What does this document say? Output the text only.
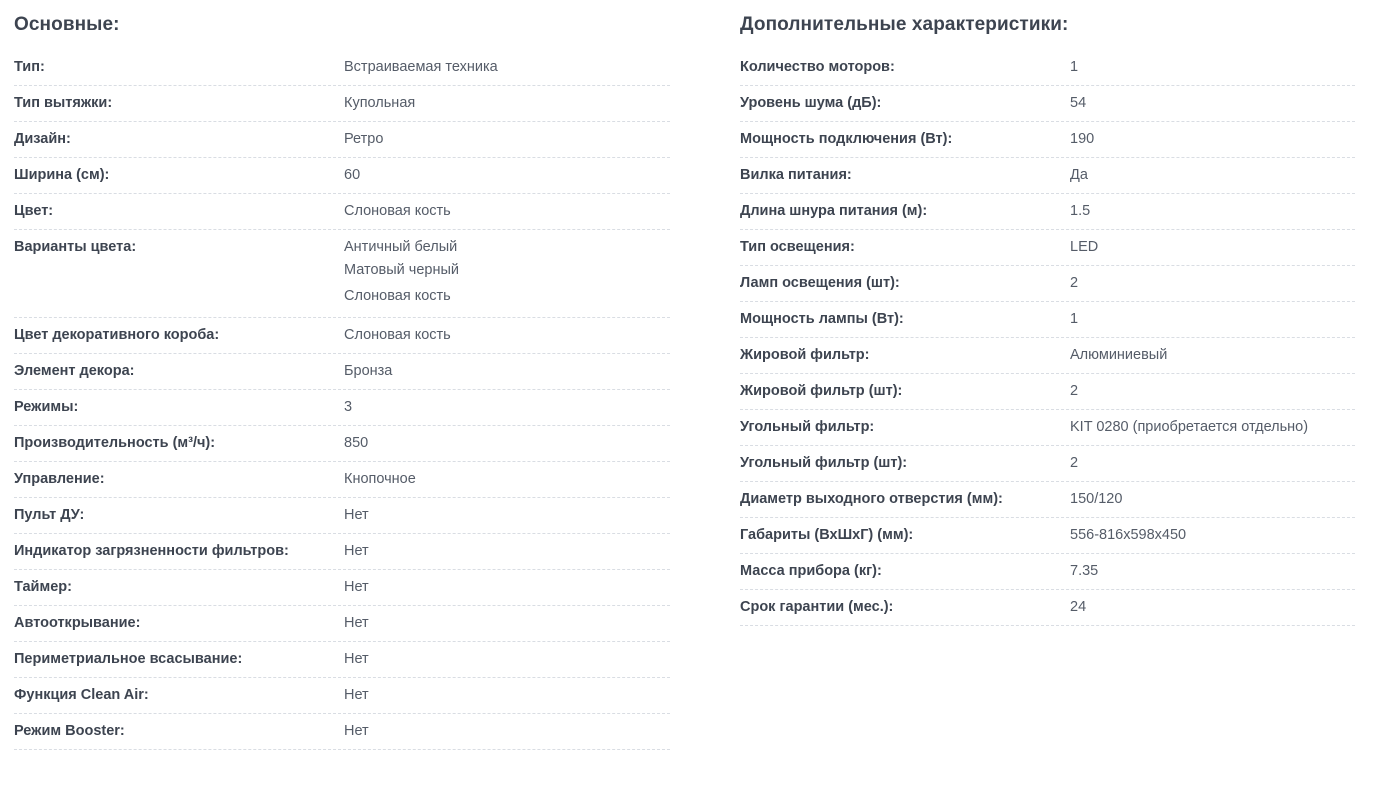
Основные:
Тип:	Встраиваемая техника
Тип вытяжки:	Купольная
Дизайн:	Ретро
Ширина (см):	60
Цвет:	Слоновая кость
Варианты цвета:	Античный белый
Матовый черный
Слоновая кость
Цвет декоративного короба:	Слоновая кость
Элемент декора:	Бронза
Режимы:	3
Производительность (м³/ч):	850
Управление:	Кнопочное
Пульт ДУ:	Нет
Индикатор загрязненности фильтров:	Нет
Таймер:	Нет
Автооткрывание:	Нет
Периметриальное всасывание:	Нет
Функция Clean Air:	Нет
Режим Booster:	Нет
Дополнительные характеристики:
Количество моторов:	1
Уровень шума (дБ):	54
Мощность подключения (Вт):	190
Вилка питания:	Да
Длина шнура питания (м):	1.5
Тип освещения:	LED
Ламп освещения (шт):	2
Мощность лампы (Вт):	1
Жировой фильтр:	Алюминиевый
Жировой фильтр (шт):	2
Угольный фильтр:	KIT 0280 (приобретается отдельно)
Угольный фильтр (шт):	2
Диаметр выходного отверстия (мм):	150/120
Габариты (ВхШхГ) (мм):	556-816x598x450
Масса прибора (кг):	7.35
Срок гарантии (мес.):	24
